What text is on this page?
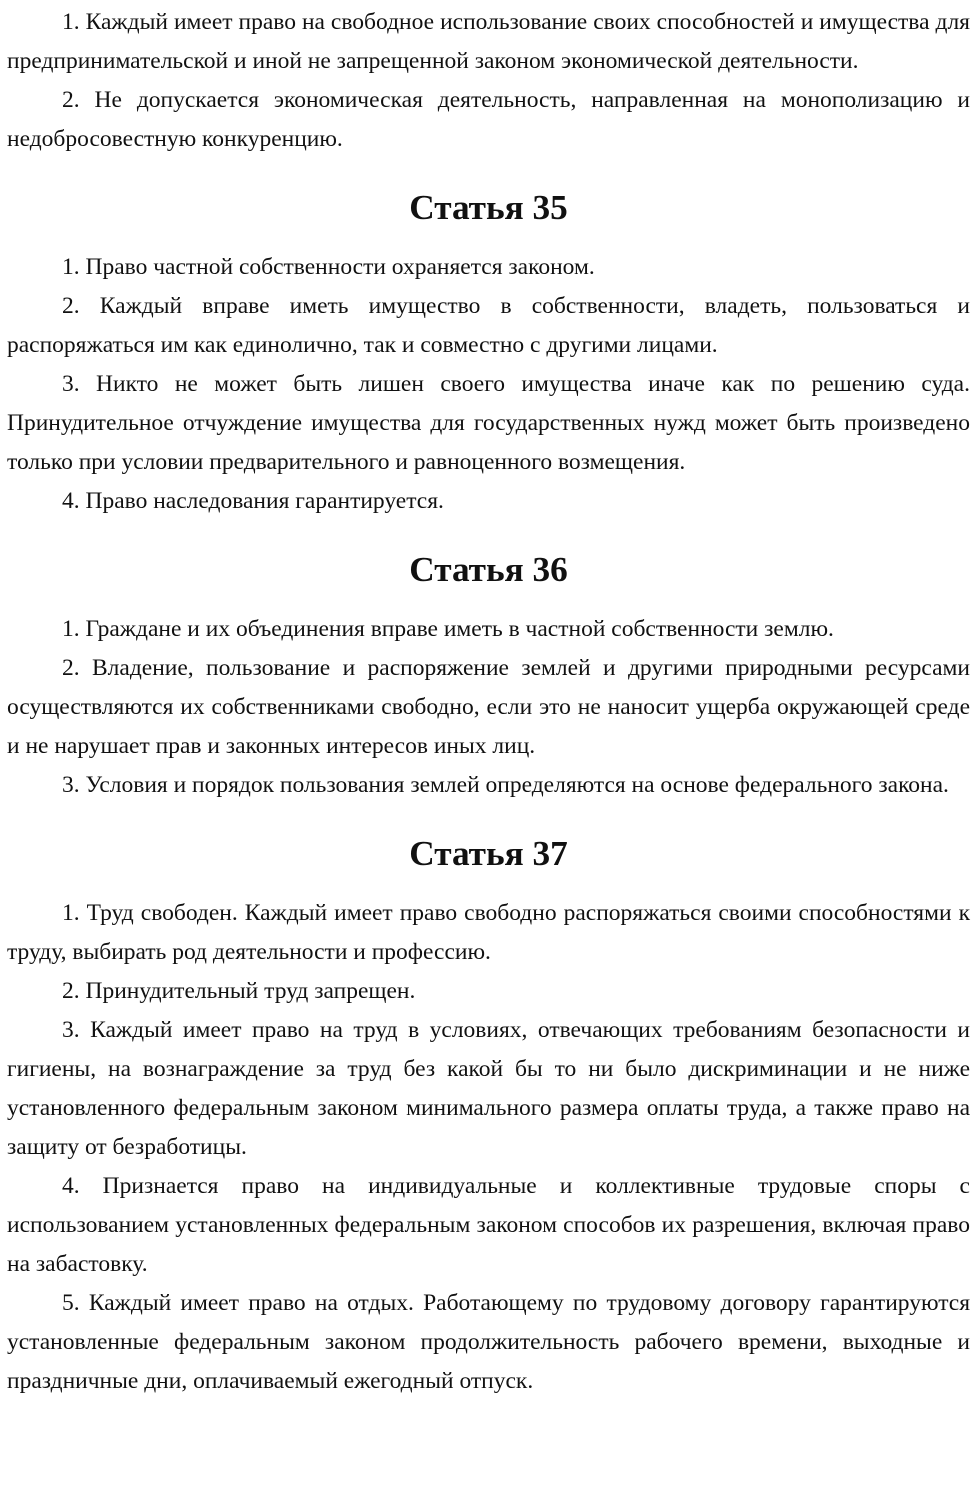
1. Каждый имеет право на свободное использование своих способностей и имущества для предпринимательской и иной не запрещенной законом экономической деятельности.

2. Не допускается экономическая деятельность, направленная на монополизацию и недобросовестную конкуренцию.

Статья 35

1. Право частной собственности охраняется законом.

2. Каждый вправе иметь имущество в собственности, владеть, пользоваться и распоряжаться им как единолично, так и совместно с другими лицами.

3. Никто не может быть лишен своего имущества иначе как по решению суда. Принудительное отчуждение имущества для государственных нужд может быть произведено только при условии предварительного и равноценного возмещения.

4. Право наследования гарантируется.

Статья 36

1. Граждане и их объединения вправе иметь в частной собственности землю.

2. Владение, пользование и распоряжение землей и другими природными ресурсами осуществляются их собственниками свободно, если это не наносит ущерба окружающей среде и не нарушает прав и законных интересов иных лиц.

3. Условия и порядок пользования землей определяются на основе федерального закона.

Статья 37

1. Труд свободен. Каждый имеет право свободно распоряжаться своими способностями к труду, выбирать род деятельности и профессию.

2. Принудительный труд запрещен.

3. Каждый имеет право на труд в условиях, отвечающих требованиям безопасности и гигиены, на вознаграждение за труд без какой бы то ни было дискриминации и не ниже установленного федеральным законом минимального размера оплаты труда, а также право на защиту от безработицы.

4. Признается право на индивидуальные и коллективные трудовые споры с использованием установленных федеральным законом способов их разрешения, включая право на забастовку.

5. Каждый имеет право на отдых. Работающему по трудовому договору гарантируются установленные федеральным законом продолжительность рабочего времени, выходные и праздничные дни, оплачиваемый ежегодный отпуск.
